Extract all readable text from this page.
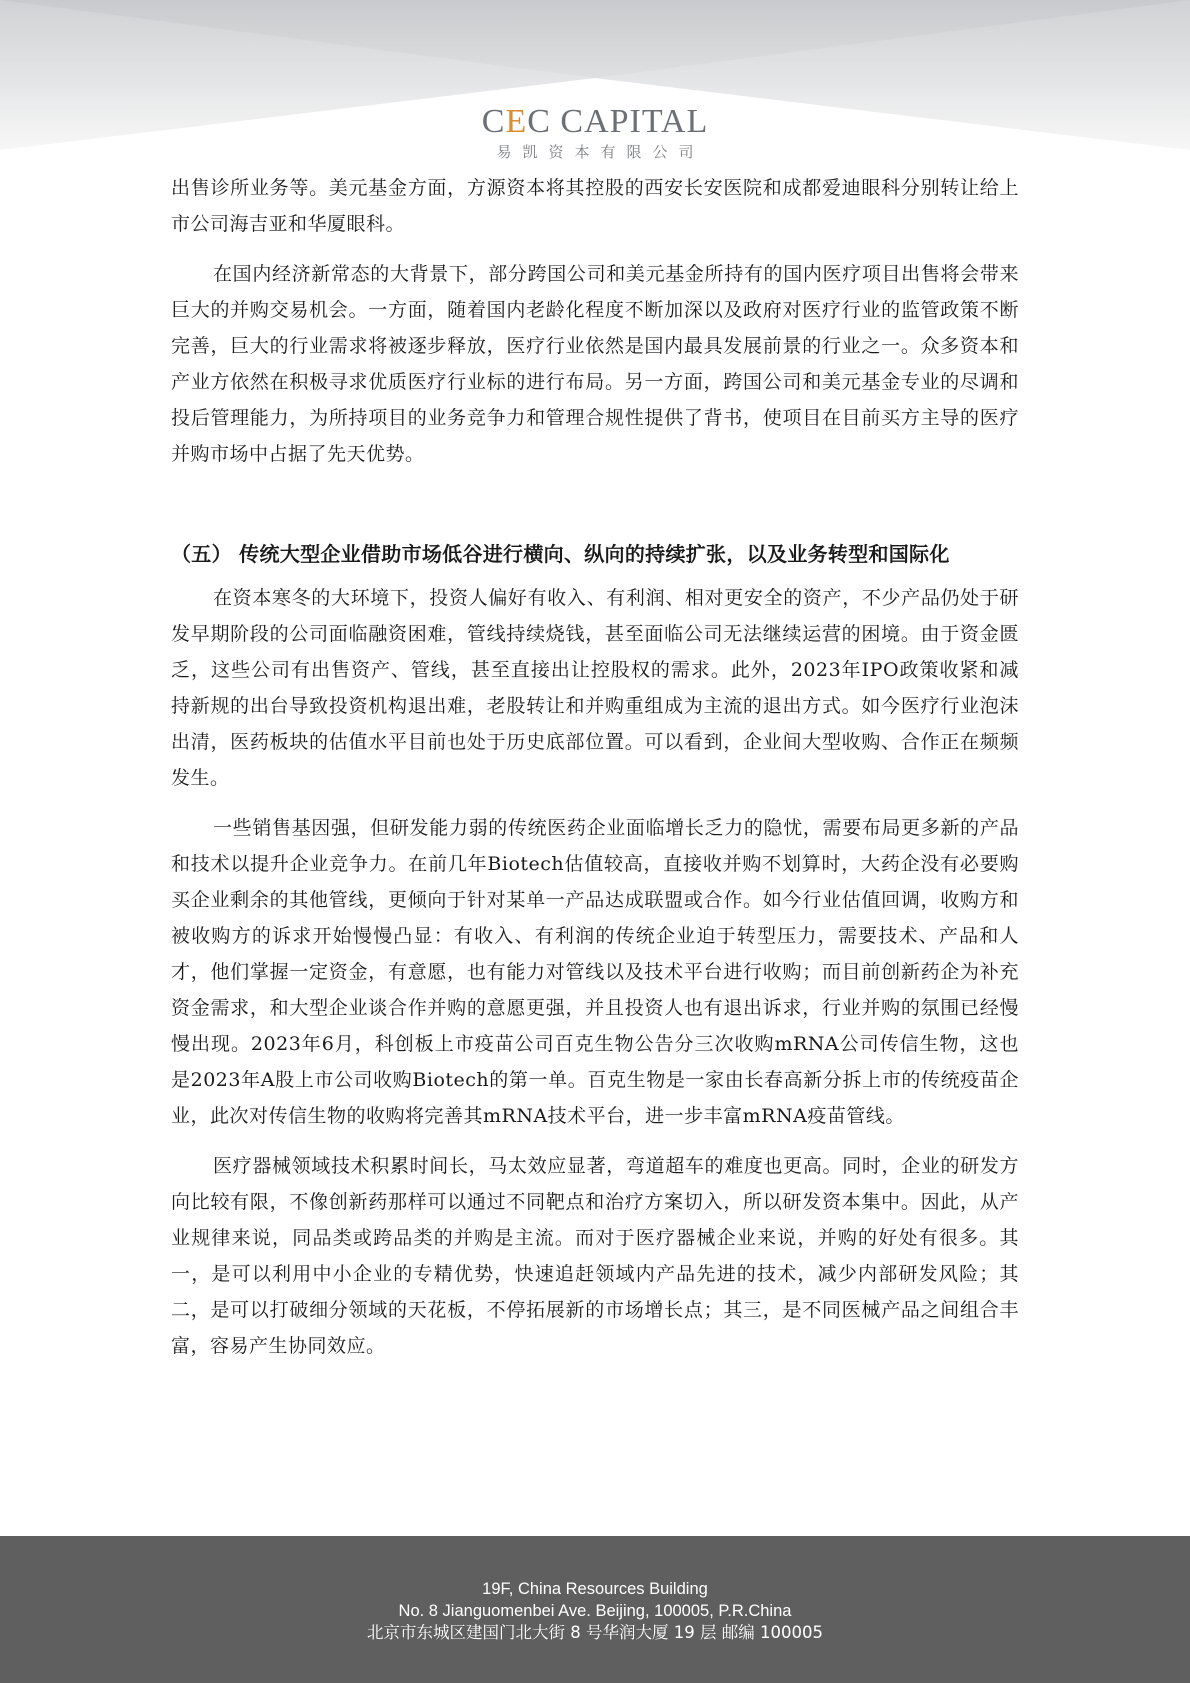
CEC CAPITAL
易凯资本有限公司

出售诊所业务等。美元基金方面，方源资本将其控股的西安长安医院和成都爱迪眼科分别转让给上市公司海吉亚和华厦眼科。

在国内经济新常态的大背景下，部分跨国公司和美元基金所持有的国内医疗项目出售将会带来巨大的并购交易机会。一方面，随着国内老龄化程度不断加深以及政府对医疗行业的监管政策不断完善，巨大的行业需求将被逐步释放，医疗行业依然是国内最具发展前景的行业之一。众多资本和产业方依然在积极寻求优质医疗行业标的进行布局。另一方面，跨国公司和美元基金专业的尽调和投后管理能力，为所持项目的业务竞争力和管理合规性提供了背书，使项目在目前买方主导的医疗并购市场中占据了先天优势。

（五） 传统大型企业借助市场低谷进行横向、纵向的持续扩张，以及业务转型和国际化

在资本寒冬的大环境下，投资人偏好有收入、有利润、相对更安全的资产，不少产品仍处于研发早期阶段的公司面临融资困难，管线持续烧钱，甚至面临公司无法继续运营的困境。由于资金匮乏，这些公司有出售资产、管线，甚至直接出让控股权的需求。此外，2023年IPO政策收紧和减持新规的出台导致投资机构退出难，老股转让和并购重组成为主流的退出方式。如今医疗行业泡沫出清，医药板块的估值水平目前也处于历史底部位置。可以看到，企业间大型收购、合作正在频频发生。

一些销售基因强，但研发能力弱的传统医药企业面临增长乏力的隐忧，需要布局更多新的产品和技术以提升企业竞争力。在前几年Biotech估值较高，直接收并购不划算时，大药企没有必要购买企业剩余的其他管线，更倾向于针对某单一产品达成联盟或合作。如今行业估值回调，收购方和被收购方的诉求开始慢慢凸显：有收入、有利润的传统企业迫于转型压力，需要技术、产品和人才，他们掌握一定资金，有意愿，也有能力对管线以及技术平台进行收购；而目前创新药企为补充资金需求，和大型企业谈合作并购的意愿更强，并且投资人也有退出诉求，行业并购的氛围已经慢慢出现。2023年6月，科创板上市疫苗公司百克生物公告分三次收购mRNA公司传信生物，这也是2023年A股上市公司收购Biotech的第一单。百克生物是一家由长春高新分拆上市的传统疫苗企业，此次对传信生物的收购将完善其mRNA技术平台，进一步丰富mRNA疫苗管线。

医疗器械领域技术积累时间长，马太效应显著，弯道超车的难度也更高。同时，企业的研发方向比较有限，不像创新药那样可以通过不同靶点和治疗方案切入，所以研发资本集中。因此，从产业规律来说，同品类或跨品类的并购是主流。而对于医疗器械企业来说，并购的好处有很多。其一，是可以利用中小企业的专精优势，快速追赶领域内产品先进的技术，减少内部研发风险；其二，是可以打破细分领域的天花板，不停拓展新的市场增长点；其三，是不同医械产品之间组合丰富，容易产生协同效应。

19F, China Resources Building
No. 8 Jianguomenbei Ave. Beijing, 100005, P.R.China
北京市东城区建国门北大街 8 号华润大厦 19 层 邮编 100005
